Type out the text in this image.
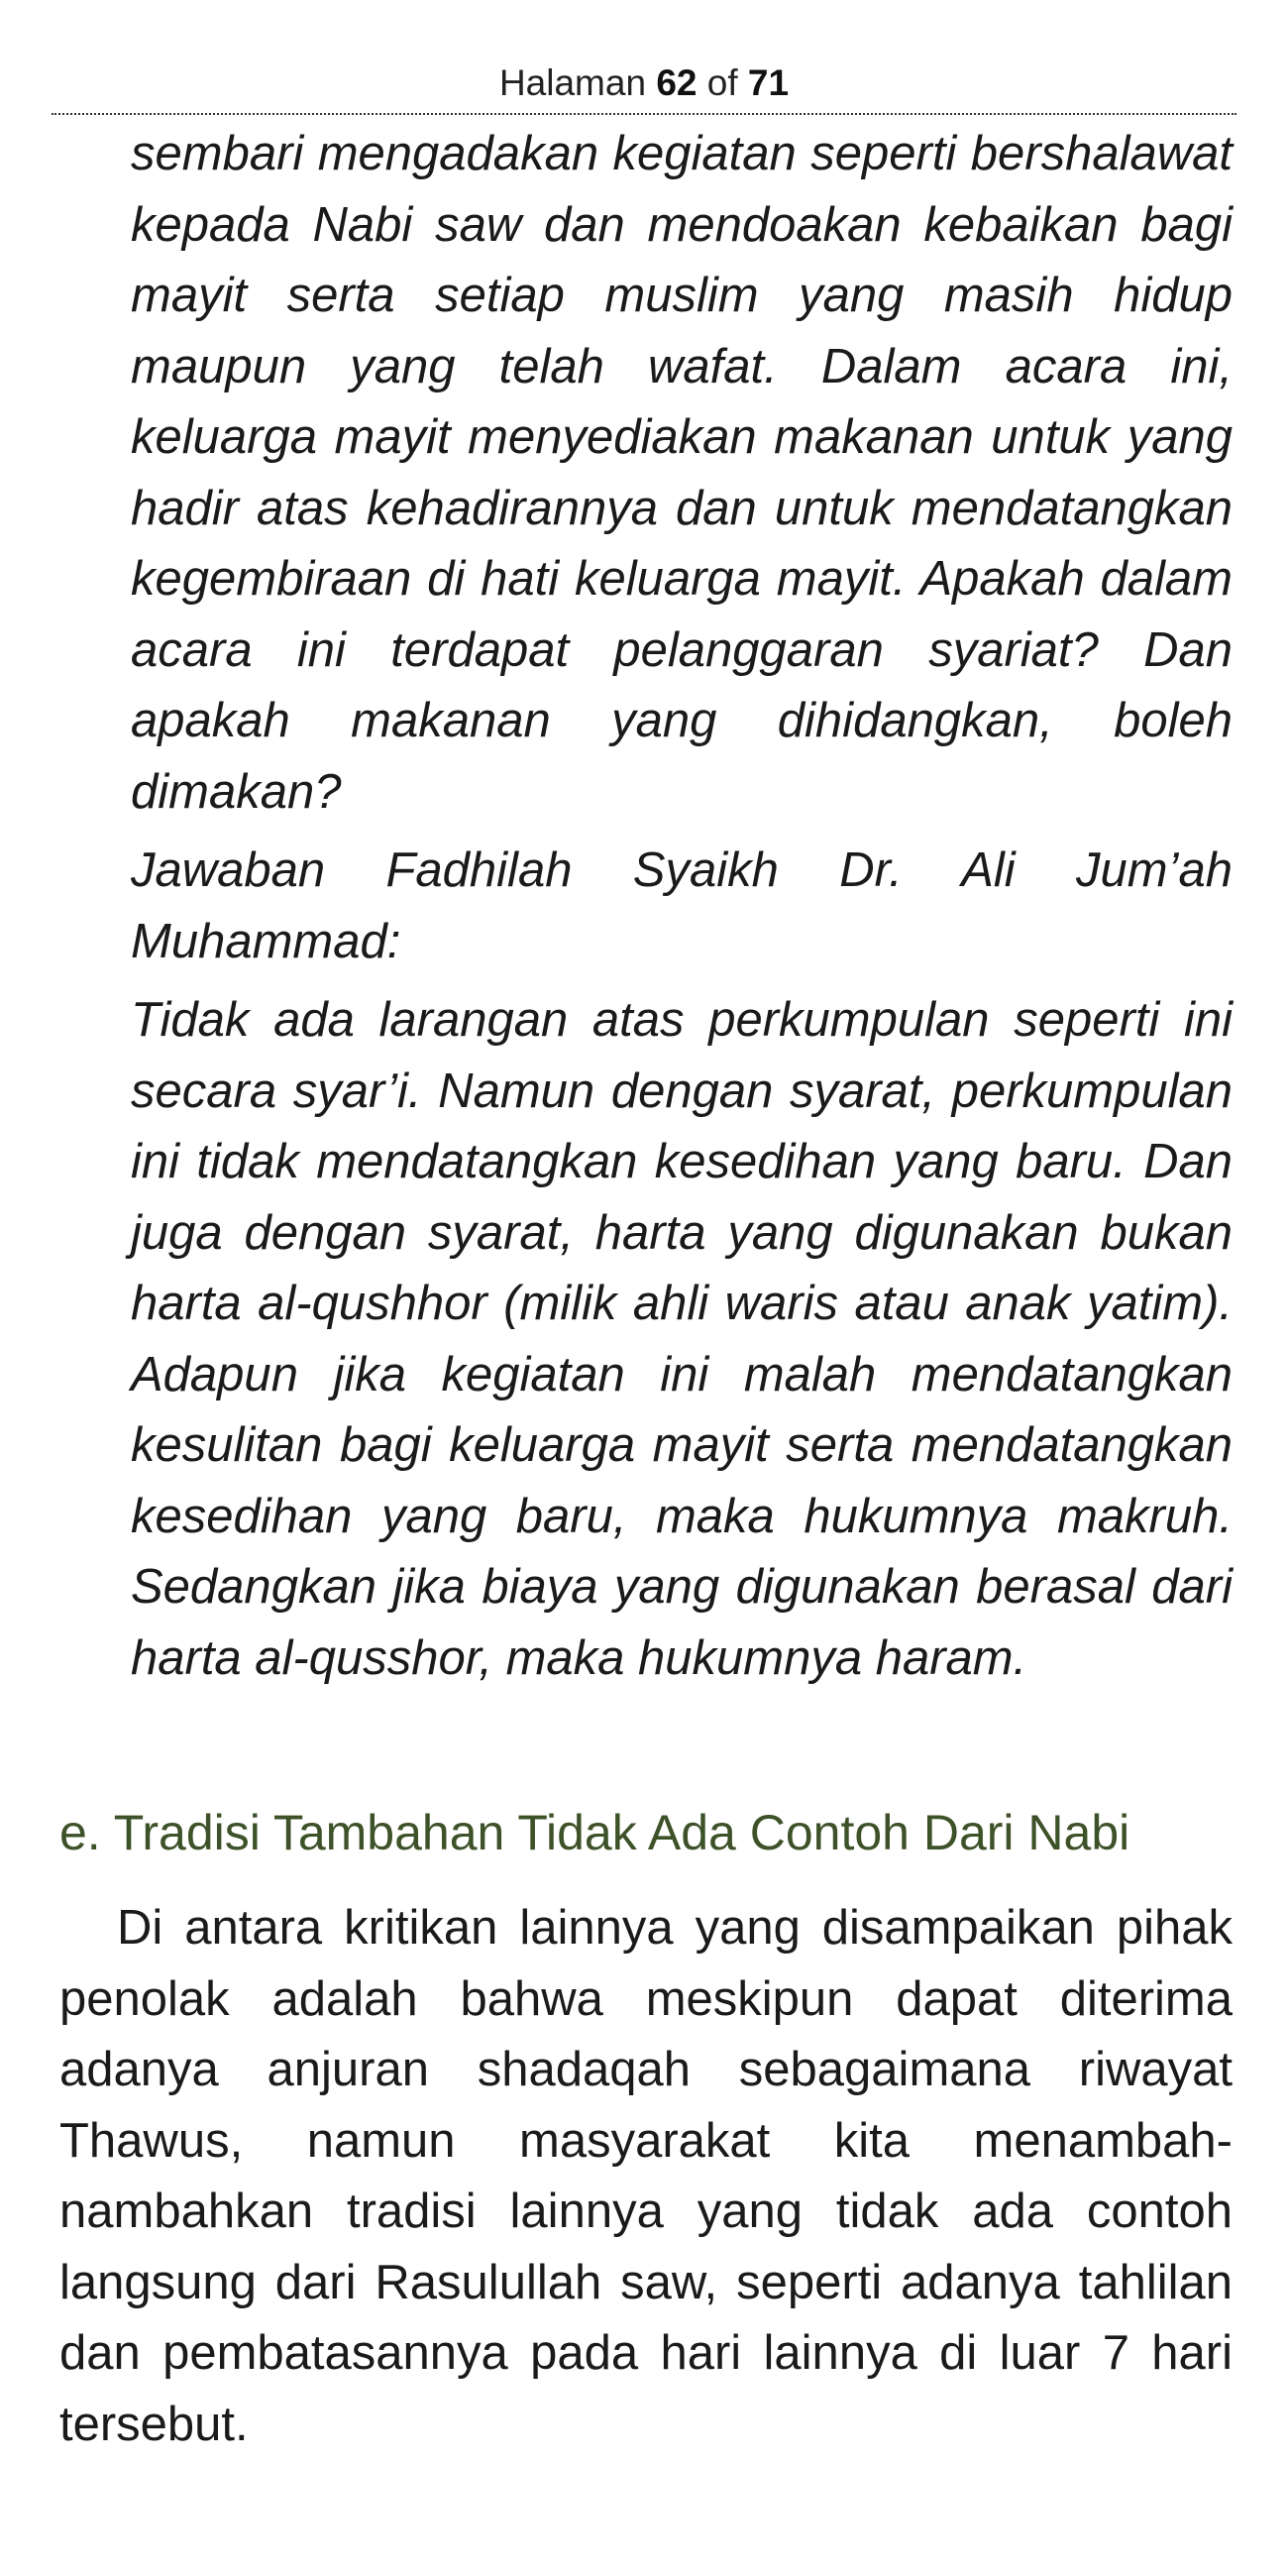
Halaman 62 of 71

sembari mengadakan kegiatan seperti bershalawat kepada Nabi saw dan mendoakan kebaikan bagi mayit serta setiap muslim yang masih hidup maupun yang telah wafat. Dalam acara ini, keluarga mayit menyediakan makanan untuk yang hadir atas kehadirannya dan untuk mendatangkan kegembiraan di hati keluarga mayit. Apakah dalam acara ini terdapat pelanggaran syariat? Dan apakah makanan yang dihidangkan, boleh dimakan?

Jawaban Fadhilah Syaikh Dr. Ali Jum’ah Muhammad:

Tidak ada larangan atas perkumpulan seperti ini secara syar’i. Namun dengan syarat, perkumpulan ini tidak mendatangkan kesedihan yang baru. Dan juga dengan syarat, harta yang digunakan bukan harta al-qushhor (milik ahli waris atau anak yatim). Adapun jika kegiatan ini malah mendatangkan kesulitan bagi keluarga mayit serta mendatangkan kesedihan yang baru, maka hukumnya makruh. Sedangkan jika biaya yang digunakan berasal dari harta al-qusshor, maka hukumnya haram.

e. Tradisi Tambahan Tidak Ada Contoh Dari Nabi

Di antara kritikan lainnya yang disampaikan pihak penolak adalah bahwa meskipun dapat diterima adanya anjuran shadaqah sebagaimana riwayat Thawus, namun masyarakat kita menambah-nambahkan tradisi lainnya yang tidak ada contoh langsung dari Rasulullah saw, seperti adanya tahlilan dan pembatasannya pada hari lainnya di luar 7 hari tersebut.
